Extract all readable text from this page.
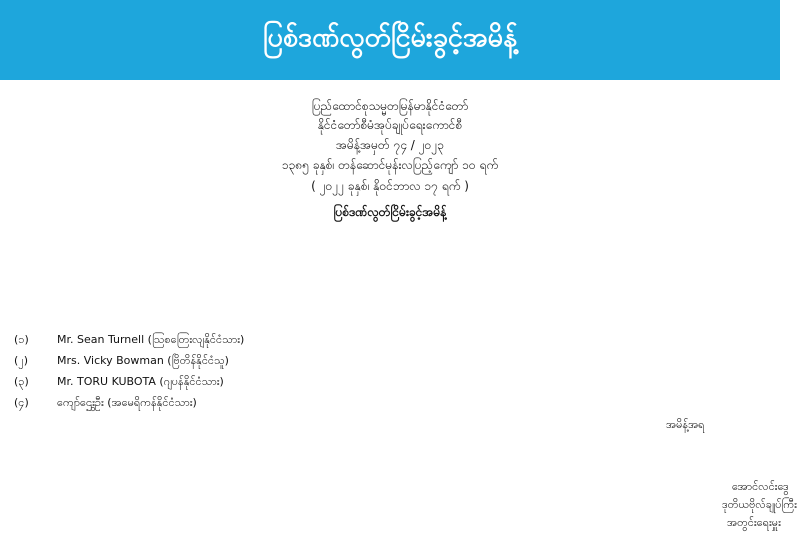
ပြစ်ဒဏ်လွတ်ငြိမ်းခွင့်အမိန့်
ပြည်ထောင်စုသမ္မတမြန်မာနိုင်ငံတော်
နိုင်ငံတော်စီမံအုပ်ချုပ်ရေးကောင်စီ
အမိန့်အမှတ် ၇၄ / ၂၀၂၃
၁၃၈၅ ခုနှစ်၊ တန်ဆောင်မုန်းလပြည့်ကျော် ၁၀ ရက်
( ၂၀၂၂ ခုနှစ်၊ နိုဝင်ဘာလ ၁၇ ရက် )
ပြစ်ဒဏ်လွတ်ငြိမ်းခွင့်အမိန့်
(၁)	Mr. Sean Turnell (ဩစတြေးလျနိုင်ငံသား)
(၂)	Mrs. Vicky Bowman (ဗြိတိန်နိုင်ငံသူ)
(၃)	Mr. TORU KUBOTA (ဂျပန်နိုင်ငံသား)
(၄)	ကျော်ဌွေးဦး (အမေရိကန်နိုင်ငံသား)
အမိန့်အရ
အောင်လင်းဒွေ
ဒုတိယဗိုလ်ချုပ်ကြီး
အတွင်းရေးမှူး
